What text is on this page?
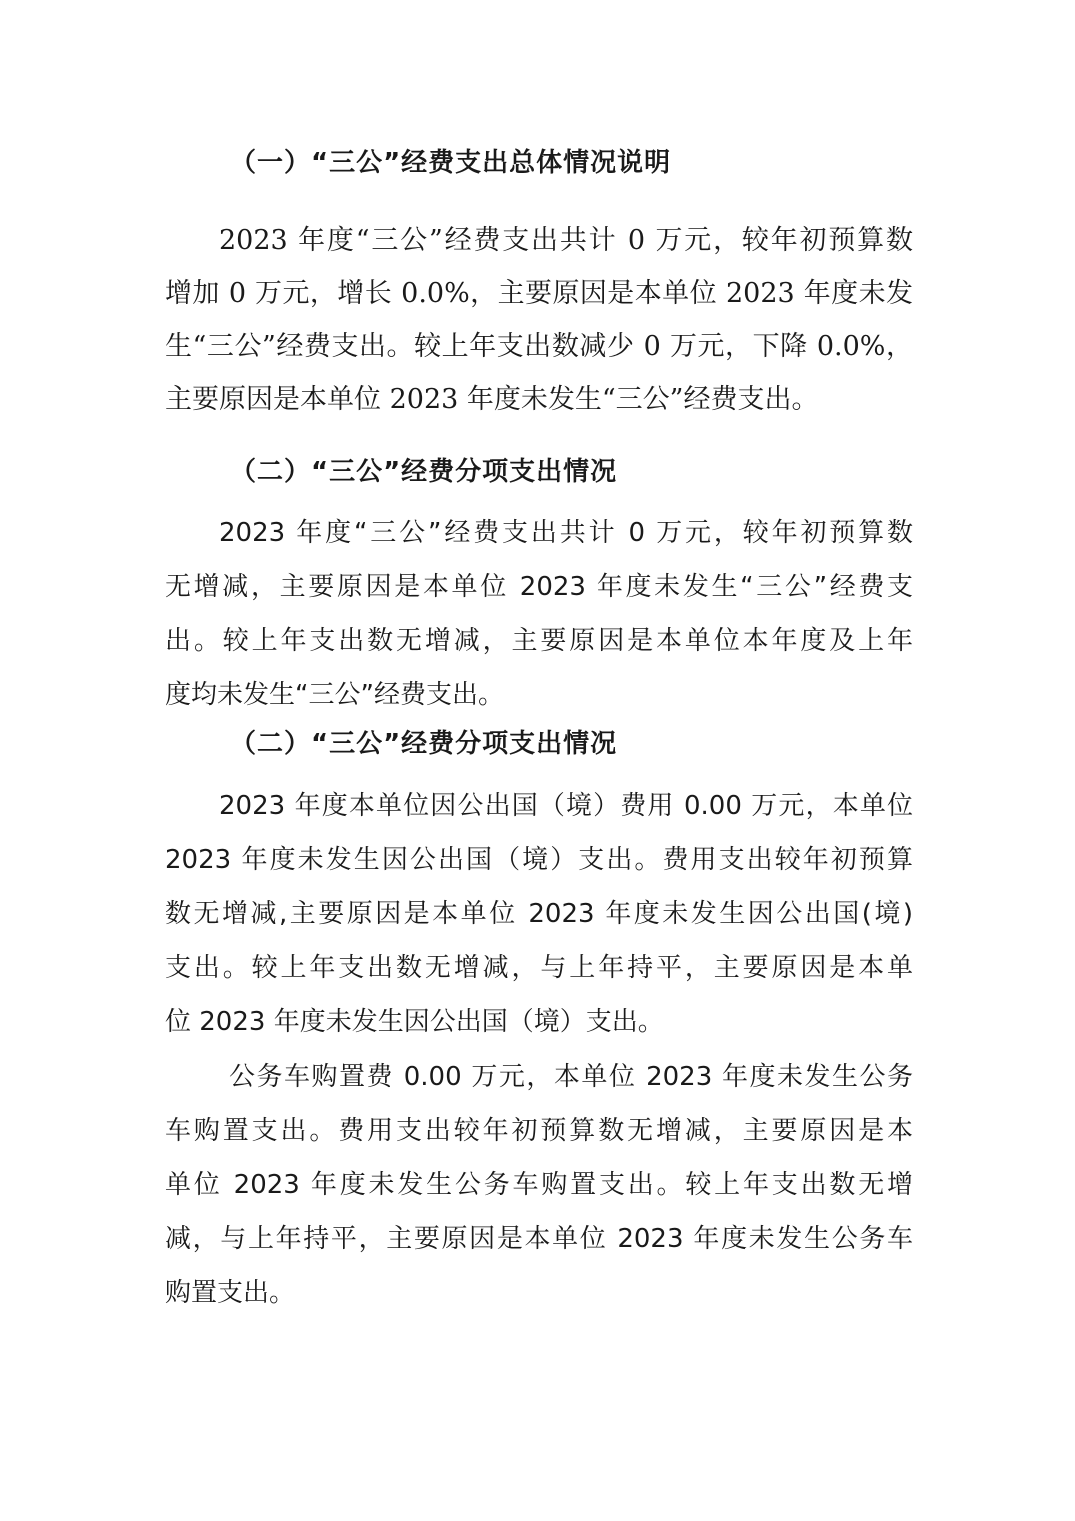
（一）“三公”经费支出总体情况说明
2023 年度“三公”经费支出共计 0 万元，较年初预算数
增加 0 万元，增长 0.0%，主要原因是本单位 2023 年度未发
生“三公”经费支出。较上年支出数减少 0 万元，下降 0.0%，
主要原因是本单位 2023 年度未发生“三公”经费支出。
（二）“三公”经费分项支出情况
2023 年度“三公”经费支出共计 0 万元，较年初预算数
无增减，主要原因是本单位 2023 年度未发生“三公”经费支
出。较上年支出数无增减，主要原因是本单位本年度及上年
度均未发生“三公”经费支出。
（二）“三公”经费分项支出情况
2023 年度本单位因公出国（境）费用 0.00 万元，本单位
2023 年度未发生因公出国（境）支出。费用支出较年初预算
数无增减,主要原因是本单位 2023 年度未发生因公出国(境)
支出。较上年支出数无增减，与上年持平，主要原因是本单
位 2023 年度未发生因公出国（境）支出。
公务车购置费 0.00 万元，本单位 2023 年度未发生公务
车购置支出。费用支出较年初预算数无增减，主要原因是本
单位 2023 年度未发生公务车购置支出。较上年支出数无增
减，与上年持平，主要原因是本单位 2023 年度未发生公务车
购置支出。
